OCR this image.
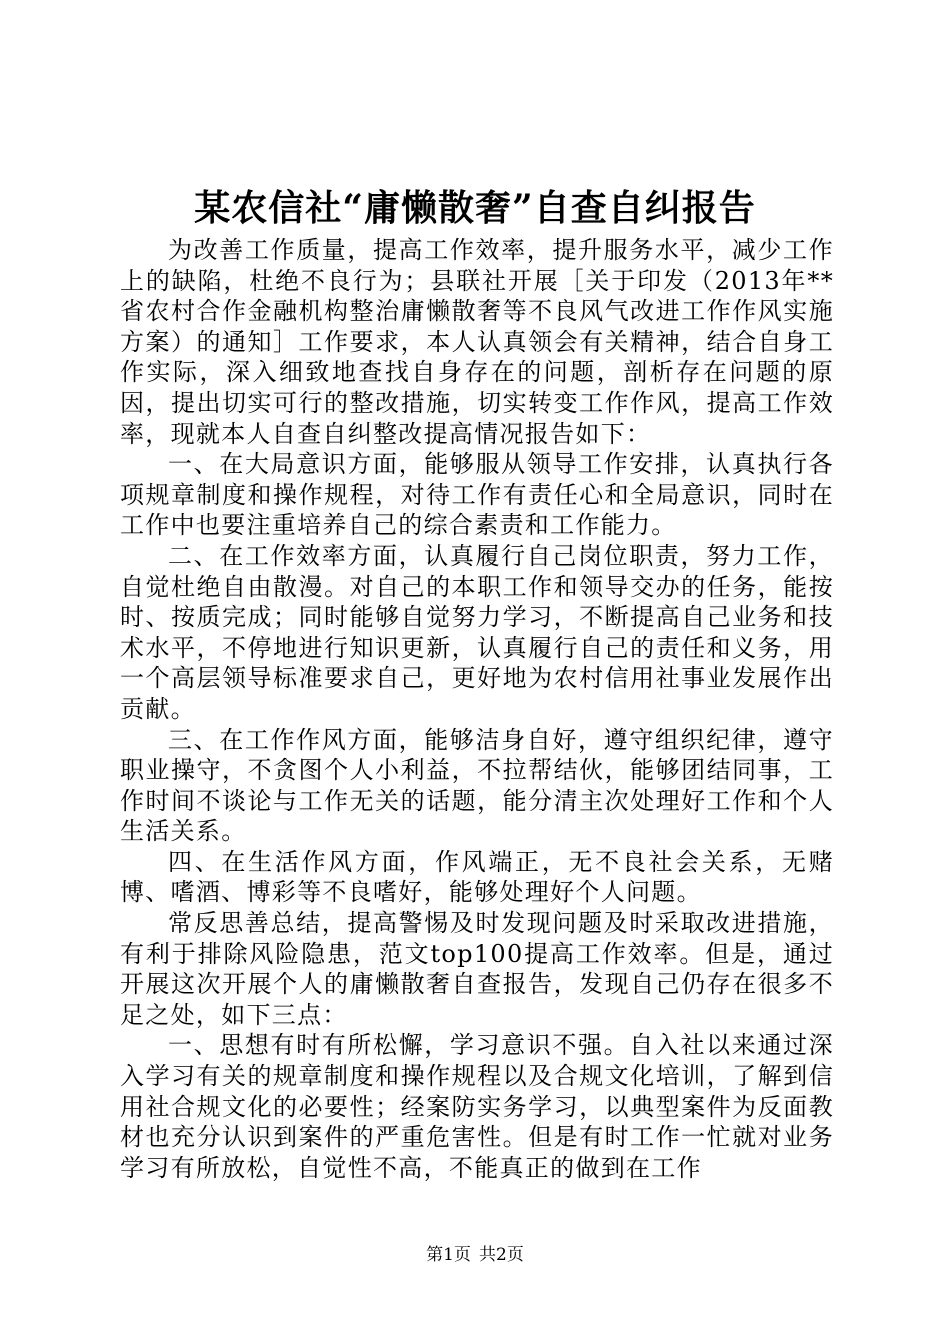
某农信社“庸懒散奢”自查自纠报告

为改善工作质量，提高工作效率，提升服务水平，减少工作上的缺陷，杜绝不良行为；县联社开展［关于印发（2013年**省农村合作金融机构整治庸懒散奢等不良风气改进工作作风实施方案）的通知］工作要求，本人认真领会有关精神，结合自身工作实际，深入细致地查找自身存在的问题，剖析存在问题的原因，提出切实可行的整改措施，切实转变工作作风，提高工作效率，现就本人自查自纠整改提高情况报告如下：

一、在大局意识方面，能够服从领导工作安排，认真执行各项规章制度和操作规程，对待工作有责任心和全局意识，同时在工作中也要注重培养自己的综合素责和工作能力。

二、在工作效率方面，认真履行自己岗位职责，努力工作，自觉杜绝自由散漫。对自己的本职工作和领导交办的任务，能按时、按质完成；同时能够自觉努力学习，不断提高自己业务和技术水平，不停地进行知识更新，认真履行自己的责任和义务，用一个高层领导标准要求自己，更好地为农村信用社事业发展作出贡献。

三、在工作作风方面，能够洁身自好，遵守组织纪律，遵守职业操守，不贪图个人小利益，不拉帮结伙，能够团结同事，工作时间不谈论与工作无关的话题，能分清主次处理好工作和个人生活关系。

四、在生活作风方面，作风端正，无不良社会关系，无赌博、嗜酒、博彩等不良嗜好，能够处理好个人问题。

常反思善总结，提高警惕及时发现问题及时采取改进措施，有利于排除风险隐患，范文top100提高工作效率。但是，通过开展这次开展个人的庸懒散奢自查报告，发现自己仍存在很多不足之处，如下三点：

一、思想有时有所松懈，学习意识不强。自入社以来通过深入学习有关的规章制度和操作规程以及合规文化培训，了解到信用社合规文化的必要性；经案防实务学习，以典型案件为反面教材也充分认识到案件的严重危害性。但是有时工作一忙就对业务学习有所放松，自觉性不高，不能真正的做到在工作

第1页 共2页
